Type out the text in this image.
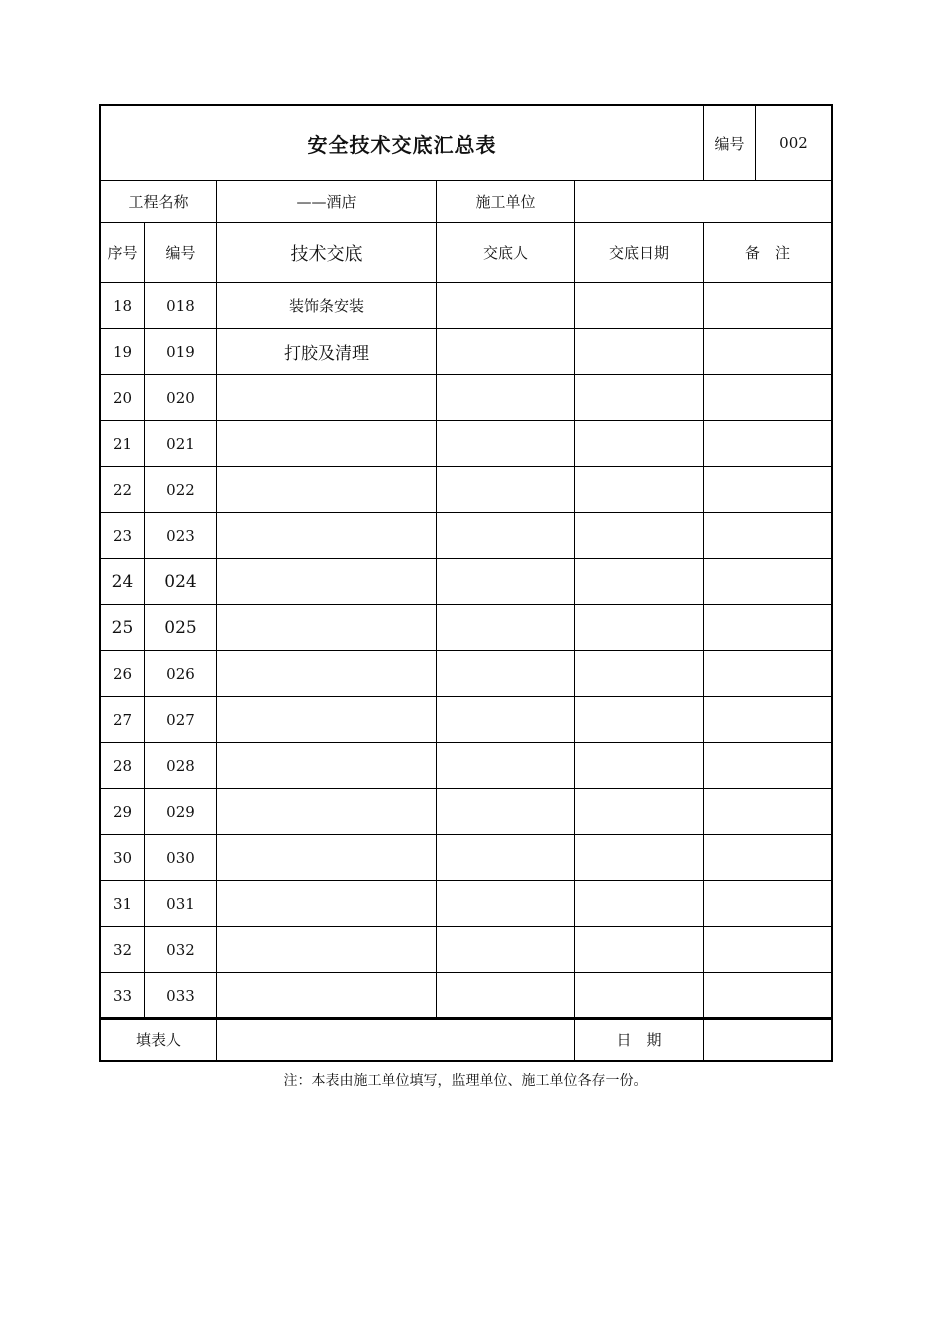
安全技术交底汇总表					编号	002
工程名称		——酒店	施工单位			
序号	编号	技术交底	交底人	交底日期	备　注	
18	018	装饰条安装				
19	019	打胶及清理				
20	020					
21	021					
22	022					
23	023					
24	024					
25	025					
26	026					
27	027					
28	028					
29	029					
30	030					
31	031					
32	032					
33	033					
填表人		日　期	
注：本表由施工单位填写，监理单位、施工单位各存一份。
